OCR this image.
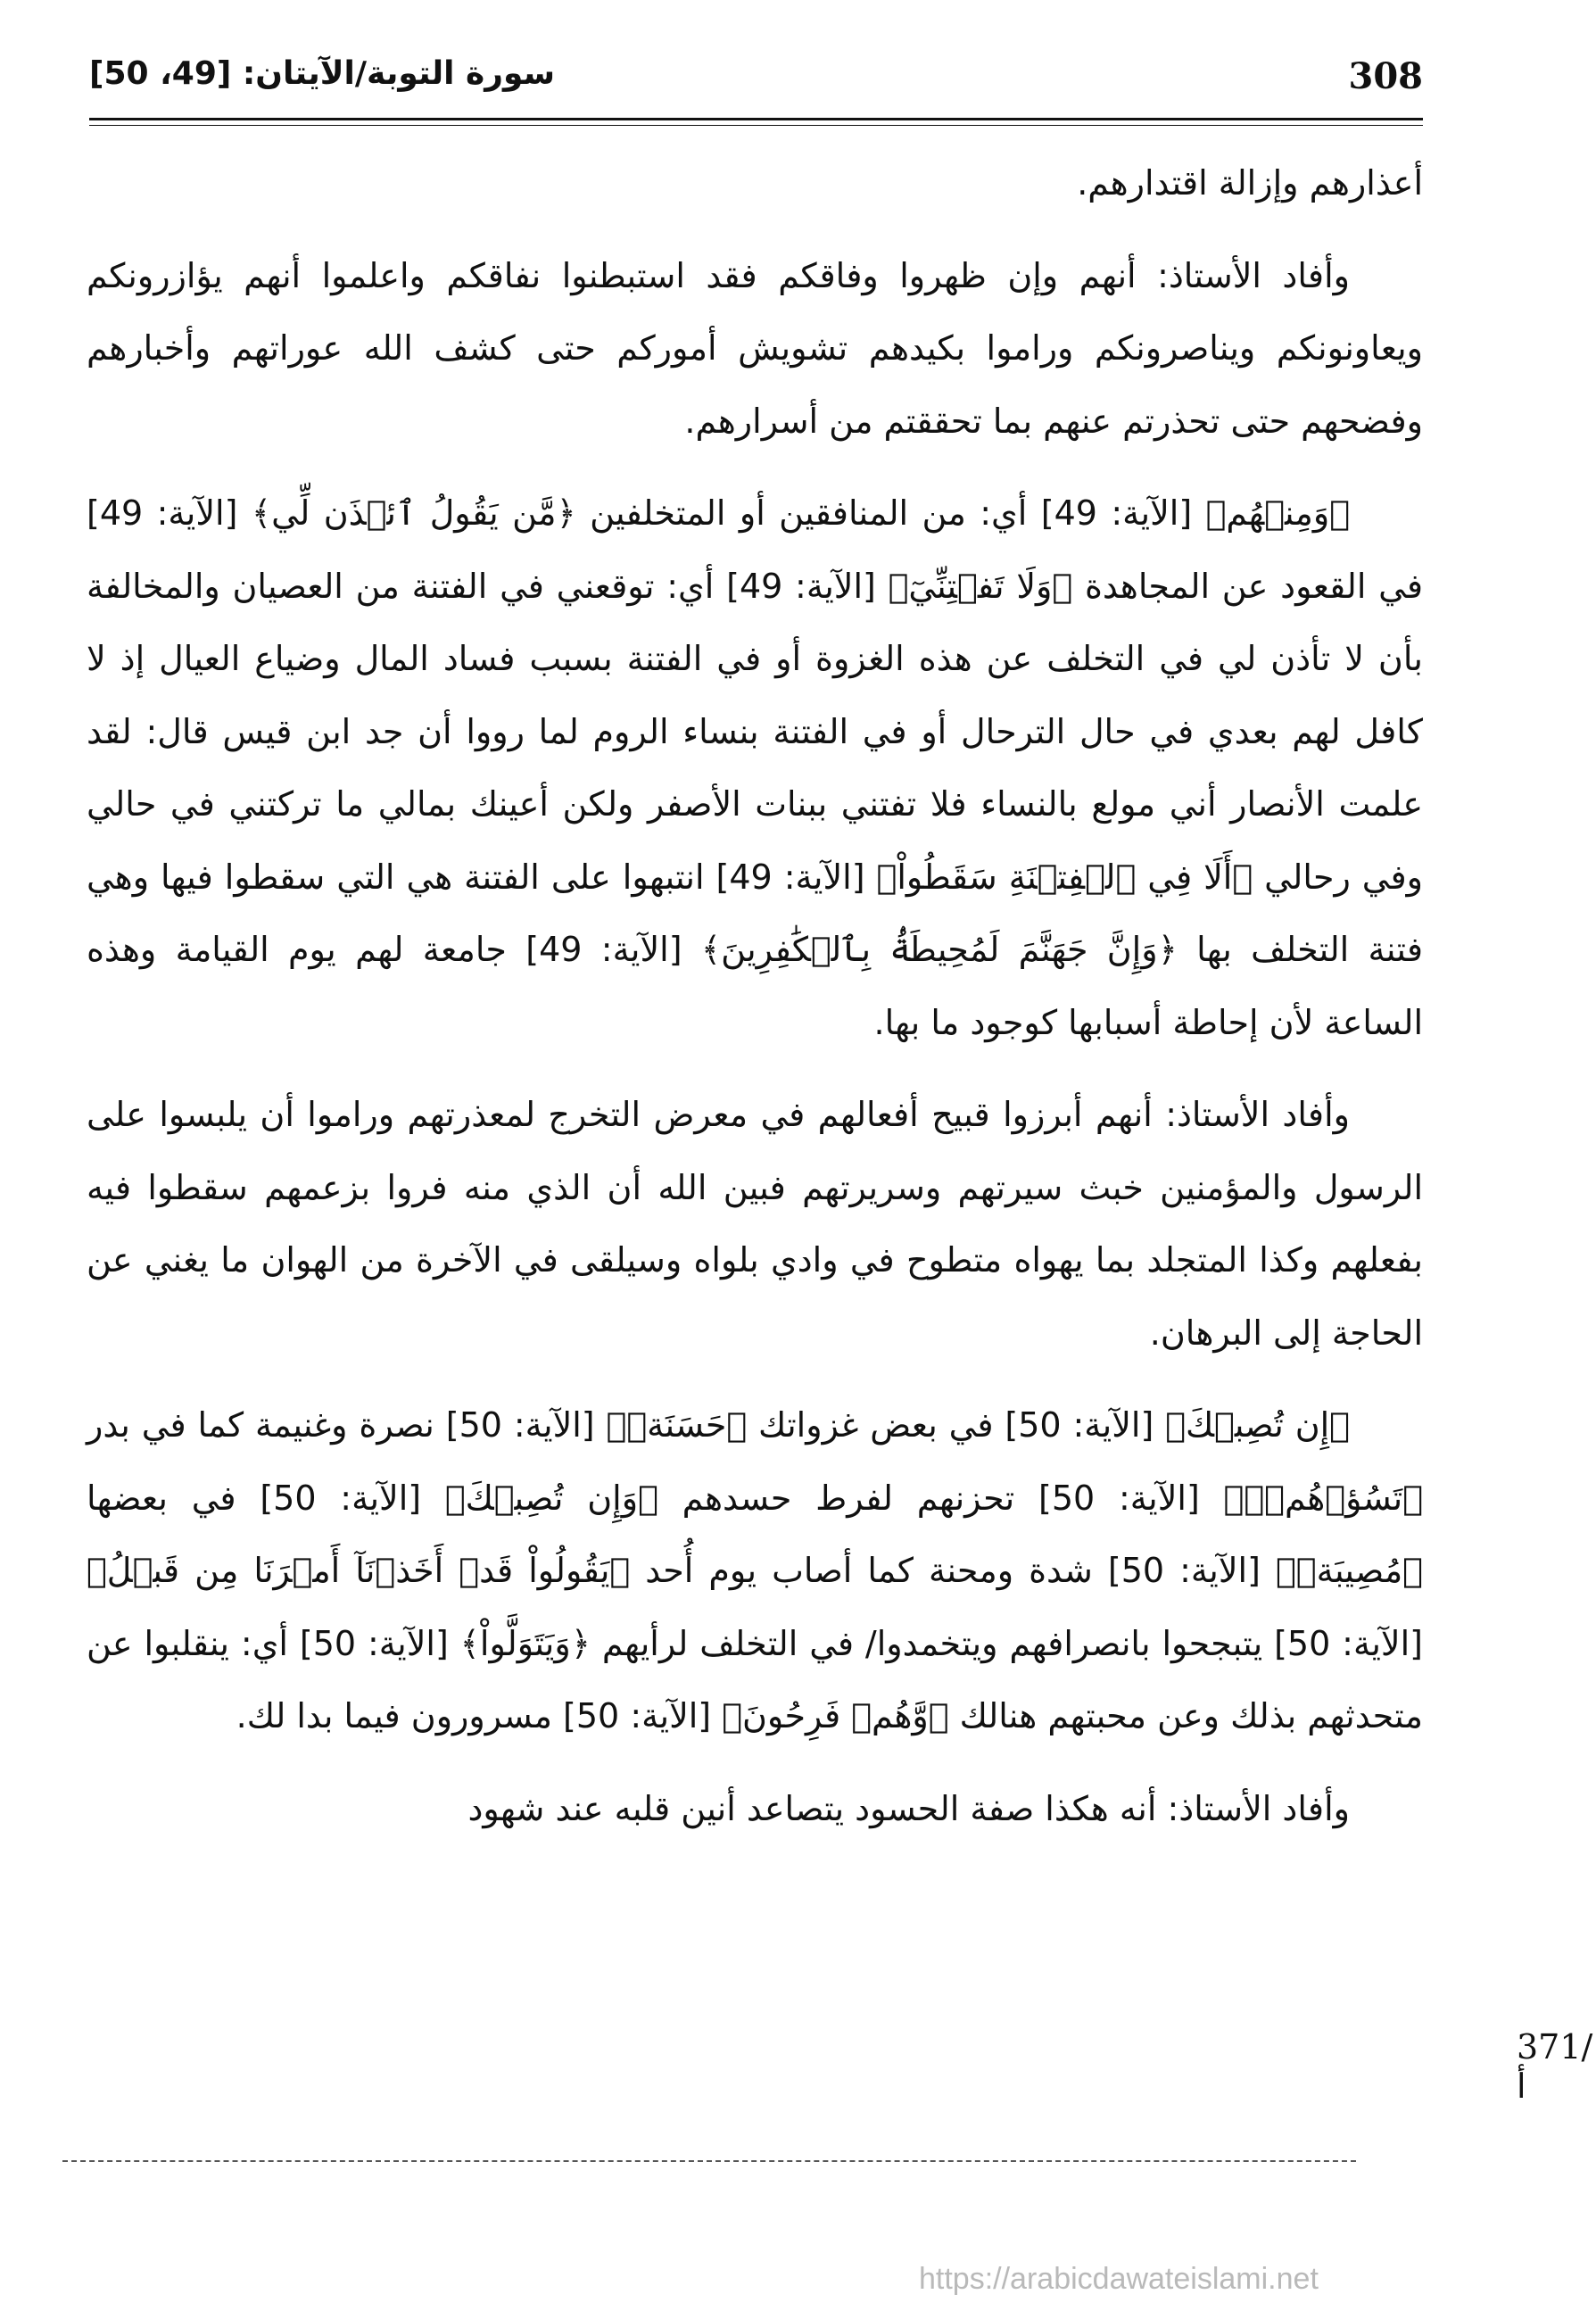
308
سورة التوبة/الآيتان: [49، 50]

أعذارهم وإزالة اقتدارهم.

وأفاد الأستاذ: أنهم وإن ظهروا وفاقكم فقد استبطنوا نفاقكم واعلموا أنهم يؤازرونكم ويعاونونكم ويناصرونكم وراموا بكيدهم تشويش أموركم حتى كشف الله عوراتهم وأخبارهم وفضحهم حتى تحذرتم عنهم بما تحققتم من أسرارهم.

﴿وَمِنۡهُم﴾ [الآية: 49] أي: من المنافقين أو المتخلفين ﴿مَّن يَقُولُ ٱئۡذَن لِّي﴾ [الآية: 49] في القعود عن المجاهدة ﴿وَلَا تَفۡتِنِّيٓ﴾ [الآية: 49] أي: توقعني في الفتنة من العصيان والمخالفة بأن لا تأذن لي في التخلف عن هذه الغزوة أو في الفتنة بسبب فساد المال وضياع العيال إذ لا كافل لهم بعدي في حال الترحال أو في الفتنة بنساء الروم لما رووا أن جد ابن قيس قال: لقد علمت الأنصار أني مولع بالنساء فلا تفتني ببنات الأصفر ولكن أعينك بمالي ما تركتني في حالي وفي رحالي ﴿أَلَا فِي ٱلۡفِتۡنَةِ سَقَطُواْ﴾ [الآية: 49] انتبهوا على الفتنة هي التي سقطوا فيها وهي فتنة التخلف بها ﴿وَإِنَّ جَهَنَّمَ لَمُحِيطَةُۢ بِٱلۡكَٰفِرِينَ﴾ [الآية: 49] جامعة لهم يوم القيامة وهذه الساعة لأن إحاطة أسبابها كوجود ما بها.

وأفاد الأستاذ: أنهم أبرزوا قبيح أفعالهم في معرض التخرج لمعذرتهم وراموا أن يلبسوا على الرسول والمؤمنين خبث سيرتهم وسريرتهم فبين الله أن الذي منه فروا بزعمهم سقطوا فيه بفعلهم وكذا المتجلد بما يهواه متطوح في وادي بلواه وسيلقى في الآخرة من الهوان ما يغني عن الحاجة إلى البرهان.

﴿إِن تُصِبۡكَ﴾ [الآية: 50] في بعض غزواتك ﴿حَسَنَةٞ﴾ [الآية: 50] نصرة وغنيمة كما في بدر ﴿تَسُؤۡهُمۡۖ﴾ [الآية: 50] تحزنهم لفرط حسدهم ﴿وَإِن تُصِبۡكَ﴾ [الآية: 50] في بعضها ﴿مُصِيبَةٞ﴾ [الآية: 50] شدة ومحنة كما أصاب يوم أُحد ﴿يَقُولُواْ قَدۡ أَخَذۡنَآ أَمۡرَنَا مِن قَبۡلُ﴾ [الآية: 50] يتبجحوا بانصرافهم ويتخمدوا/ في التخلف لرأيهم ﴿وَيَتَوَلَّواْ﴾ [الآية: 50] أي: ينقلبوا عن متحدثهم بذلك وعن محبتهم هنالك ﴿وَّهُمۡ فَرِحُونَ﴾ [الآية: 50] مسرورون فيما بدا لك.

وأفاد الأستاذ: أنه هكذا صفة الحسود يتصاعد أنين قلبه عند شهود

371/ أ
https://arabicdawateislami.net
